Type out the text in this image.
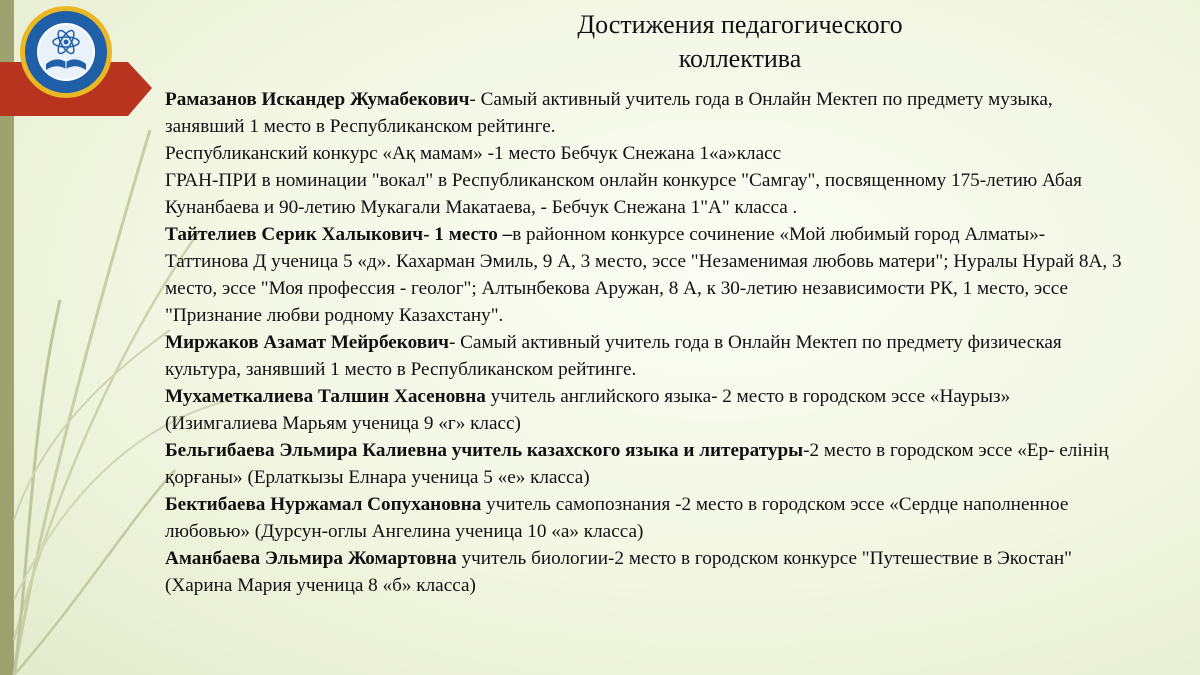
Достижения педагогического
коллектива

Рамазанов Искандер Жумабекович- Самый активный учитель года в Онлайн Мектеп по предмету музыка, занявший 1 место в Республиканском рейтинге.

Республиканский конкурс «Ақ мамам» -1 место Бебчук Снежана 1«а»класс

ГРАН-ПРИ в номинации "вокал" в Республиканском онлайн конкурсе "Самгау", посвященному 175-летию Абая Кунанбаева и 90-летию Мукагали Макатаева, - Бебчук Снежана 1"А" класса .

Тайтелиев Серик Халыкович- 1 место –в районном конкурсе сочинение «Мой любимый город Алматы»-Таттинова Д ученица 5 «д». Кахарман Эмиль, 9 А, 3 место, эссе "Незаменимая любовь матери"; Нуралы Нурай 8А, 3 место, эссе "Моя профессия - геолог"; Алтынбекова Аружан, 8 А, к 30-летию независимости РК, 1 место, эссе "Признание любви родному Казахстану".

Миржаков Азамат Мейрбекович- Самый активный учитель года в Онлайн Мектеп по предмету физическая культура, занявший 1 место в Республиканском рейтинге.

Мухаметкалиева Талшин Хасеновна учитель английского языка- 2 место в городском эссе «Наурыз» (Изимгалиева Марьям ученица 9 «г» класс)

Бельгибаева Эльмира Калиевна учитель казахского языка и литературы-2 место в городском эссе «Ер- елінің қорғаны» (Ерлаткызы Елнара ученица 5 «е» класса)

Бектибаева Нуржамал Сопухановна учитель самопознания -2 место в городском эссе «Сердце наполненное любовью» (Дурсун-оглы Ангелина ученица 10 «а» класса)

Аманбаева Эльмира Жомартовна учитель биологии-2 место в городском конкурсе "Путешествие в Экостан" (Харина Мария ученица 8 «б» класса)
